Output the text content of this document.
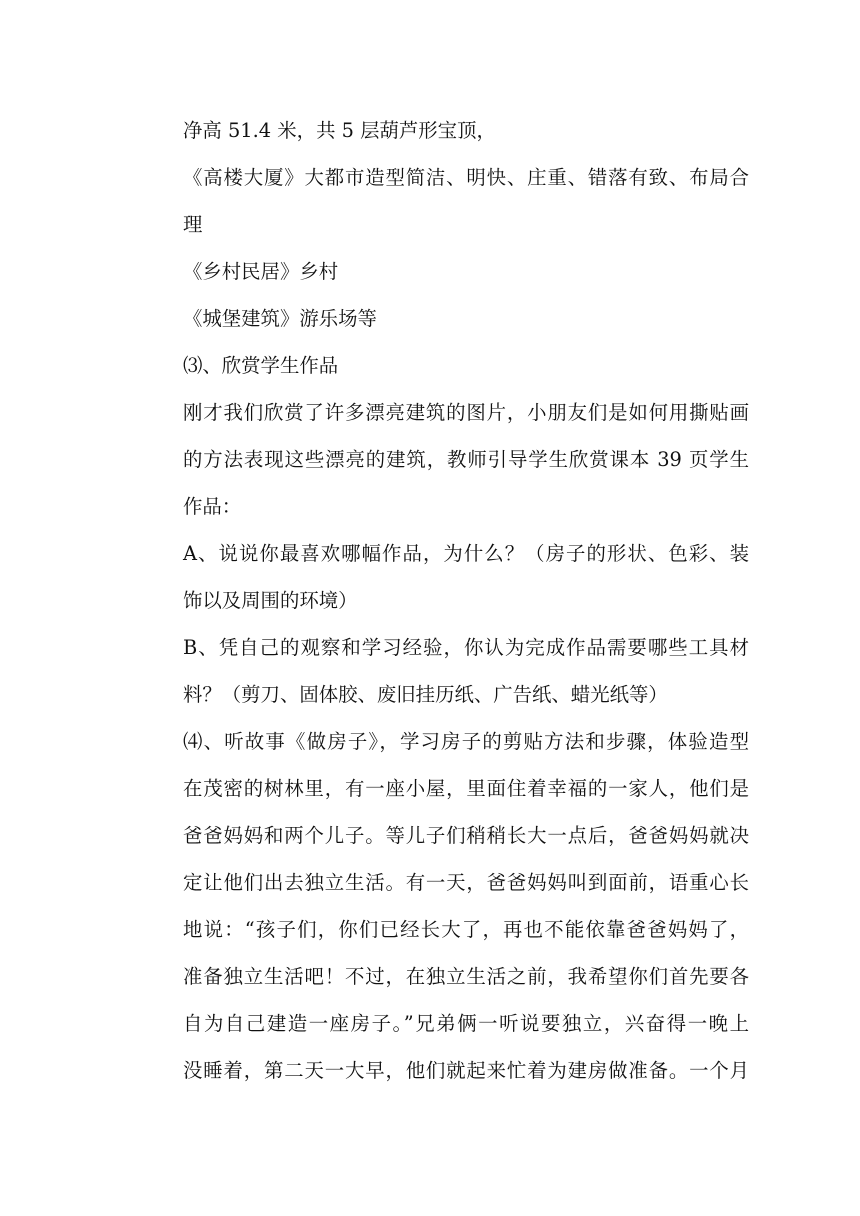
净高 51.4 米，共 5 层葫芦形宝顶，
《高楼大厦》大都市造型简洁、明快、庄重、错落有致、布局合
理
《乡村民居》乡村
《城堡建筑》游乐场等
⑶、欣赏学生作品
刚才我们欣赏了许多漂亮建筑的图片，小朋友们是如何用撕贴画
的方法表现这些漂亮的建筑，教师引导学生欣赏课本 39 页学生
作品：
A、说说你最喜欢哪幅作品，为什么？（房子的形状、色彩、装
饰以及周围的环境）
B、凭自己的观察和学习经验，你认为完成作品需要哪些工具材
料？（剪刀、固体胶、废旧挂历纸、广告纸、蜡光纸等）
⑷、听故事《做房子》，学习房子的剪贴方法和步骤，体验造型
在茂密的树林里，有一座小屋，里面住着幸福的一家人，他们是
爸爸妈妈和两个儿子。等儿子们稍稍长大一点后，爸爸妈妈就决
定让他们出去独立生活。有一天，爸爸妈妈叫到面前，语重心长
地说：“孩子们，你们已经长大了，再也不能依靠爸爸妈妈了，
准备独立生活吧！不过，在独立生活之前，我希望你们首先要各
自为自己建造一座房子。”兄弟俩一听说要独立，兴奋得一晚上
没睡着，第二天一大早，他们就起来忙着为建房做准备。一个月
